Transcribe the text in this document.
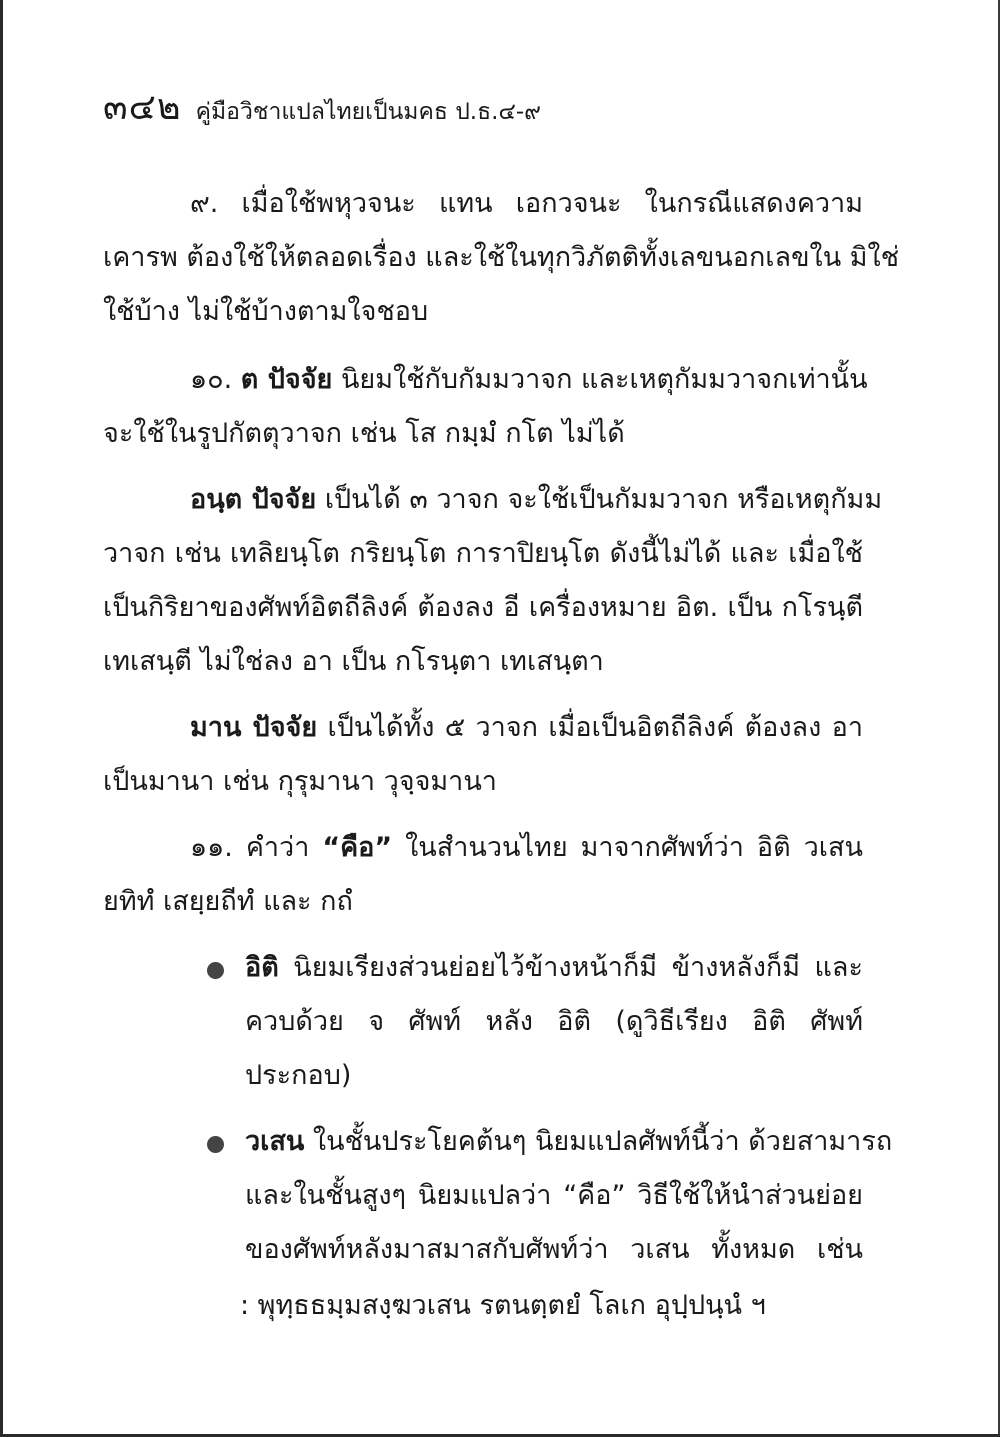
๓๔๒ คู่มือวิชาแปลไทยเป็นมคธ ป.ธ.๔-๙
๙. เมื่อใช้พหุวจนะ แทน เอกวจนะ ในกรณีแสดงความ
เคารพ ต้องใช้ให้ตลอดเรื่อง และใช้ในทุกวิภัตติทั้งเลขนอกเลขใน มิใช่
ใช้บ้าง ไม่ใช้บ้างตามใจชอบ
๑๐. ต ปัจจัย นิยมใช้กับกัมมวาจก และเหตุกัมมวาจกเท่านั้น
จะใช้ในรูปกัตตุวาจก เช่น โส กมฺมํ กโต ไม่ได้
อนฺต ปัจจัย เป็นได้ ๓ วาจก จะใช้เป็นกัมมวาจก หรือเหตุกัมม
วาจก เช่น เทลิยนฺโต กริยนฺโต การาปิยนฺโต ดังนี้ไม่ได้ และ เมื่อใช้
เป็นกิริยาของศัพท์อิตถีลิงค์ ต้องลง อี เครื่องหมาย อิต. เป็น กโรนฺตี
เทเสนฺตี ไม่ใช่ลง อา เป็น กโรนฺตา เทเสนฺตา
มาน ปัจจัย เป็นได้ทั้ง ๕ วาจก เมื่อเป็นอิตถีลิงค์ ต้องลง อา
เป็นมานา เช่น กุรุมานา วุจฺจมานา
๑๑. คำว่า “คือ” ในสำนวนไทย มาจากศัพท์ว่า อิติ วเสน
ยทิทํ เสยฺยถีทํ และ กถํ
อิติ นิยมเรียงส่วนย่อยไว้ข้างหน้าก็มี ข้างหลังก็มี และ
ควบด้วย จ ศัพท์ หลัง อิติ (ดูวิธีเรียง อิติ ศัพท์
ประกอบ)
วเสน ในชั้นประโยคต้นๆ นิยมแปลศัพท์นี้ว่า ด้วยสามารถ
และในชั้นสูงๆ นิยมแปลว่า “คือ” วิธีใช้ให้นำส่วนย่อย
ของศัพท์หลังมาสมาสกับศัพท์ว่า วเสน ทั้งหมด เช่น
: พุทฺธธมฺมสงฺฆวเสน รตนตฺตยํ โลเก อุปฺปนฺนํ ฯ
